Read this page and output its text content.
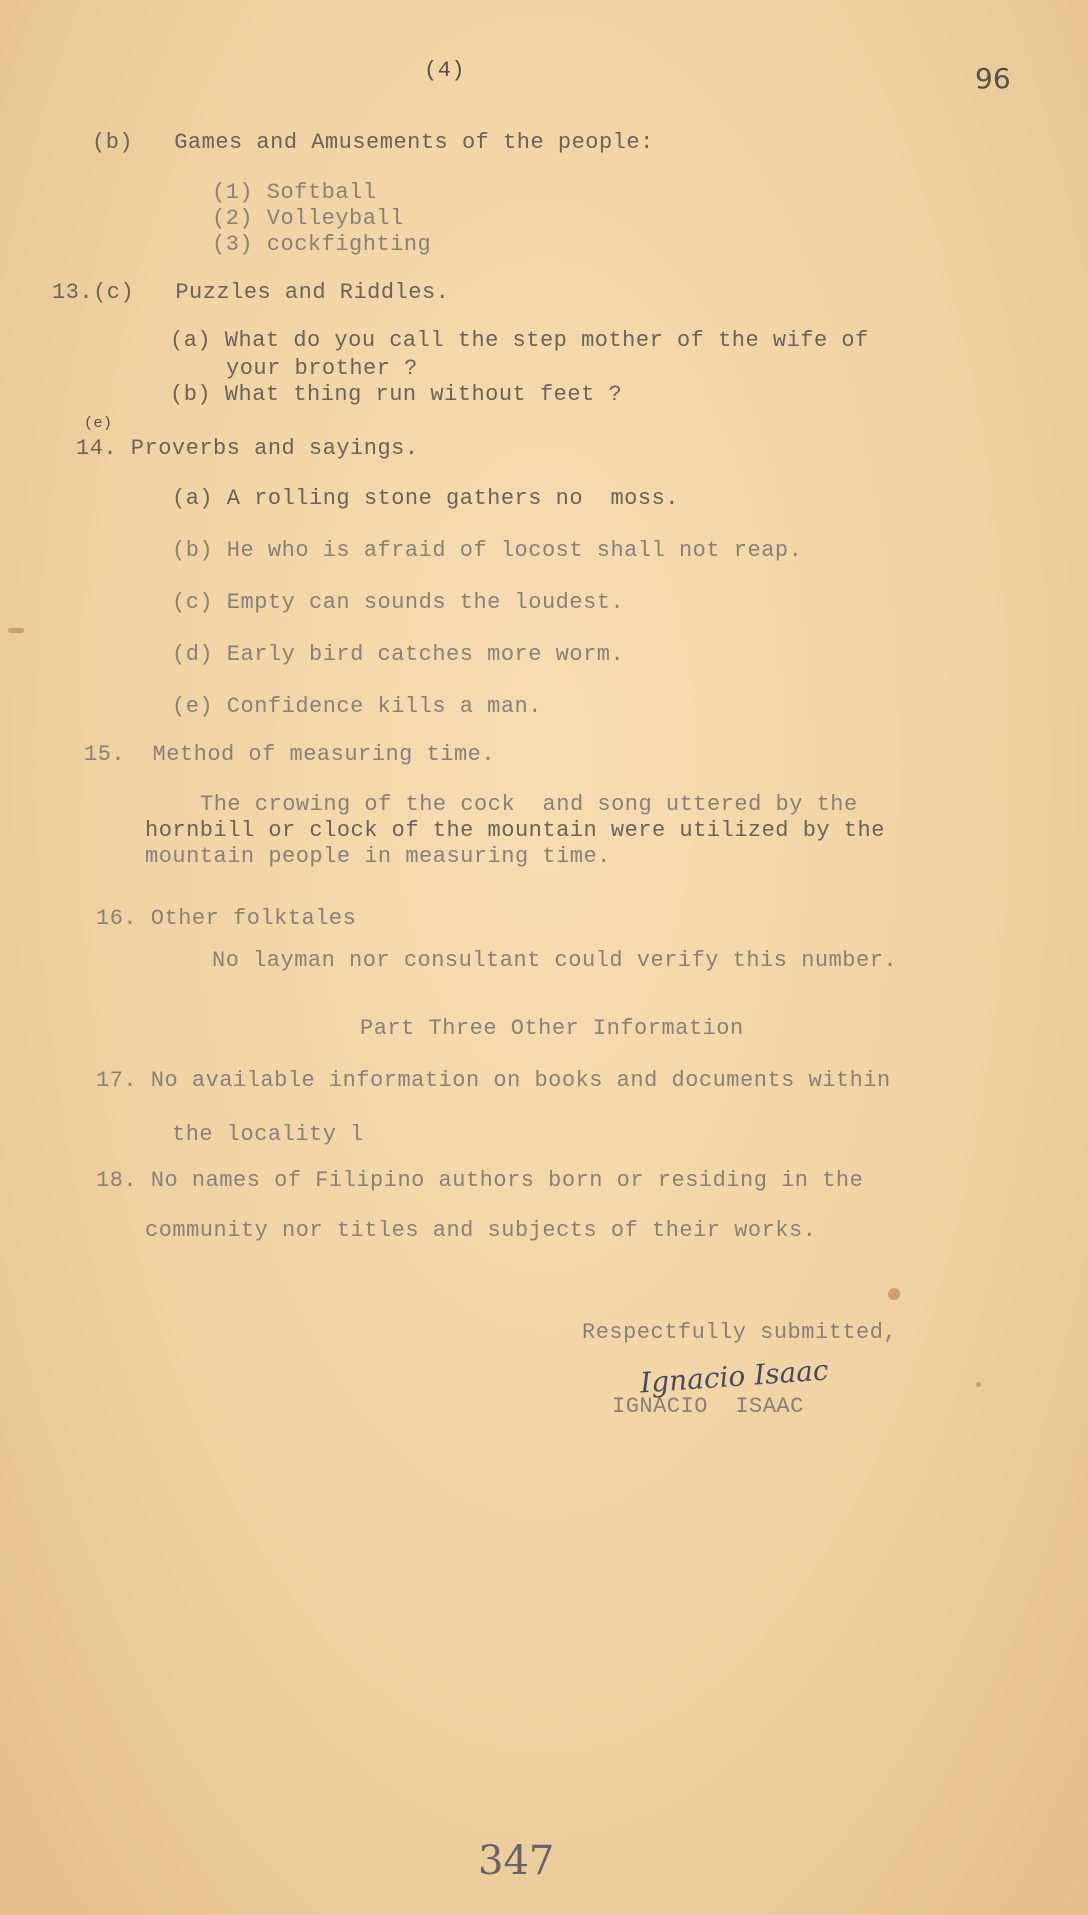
(4)	96
(b)   Games and Amusements of the people:
(1) Softball
(2) Volleyball
(3) cockfighting
13.(c)   Puzzles and Riddles.
(a) What do you call the step mother of the wife of
your brother ?
(b) What thing run without feet ?
(e)
14. Proverbs and sayings.
(a) A rolling stone gathers no  moss.
(b) He who is afraid of locost shall not reap.
(c) Empty can sounds the loudest.
(d) Early bird catches more worm.
(e) Confidence kills a man.
15.  Method of measuring time.
The crowing of the cock  and song uttered by the
hornbill or clock of the mountain were utilized by the
mountain people in measuring time.
16. Other folktales
No layman nor consultant could verify this number.
Part Three Other Information
17. No available information on books and documents within
the locality l
18. No names of Filipino authors born or residing in the
community nor titles and subjects of their works.
Respectfully submitted,
Ignacio Isaac
IGNACIO  ISAAC
347
